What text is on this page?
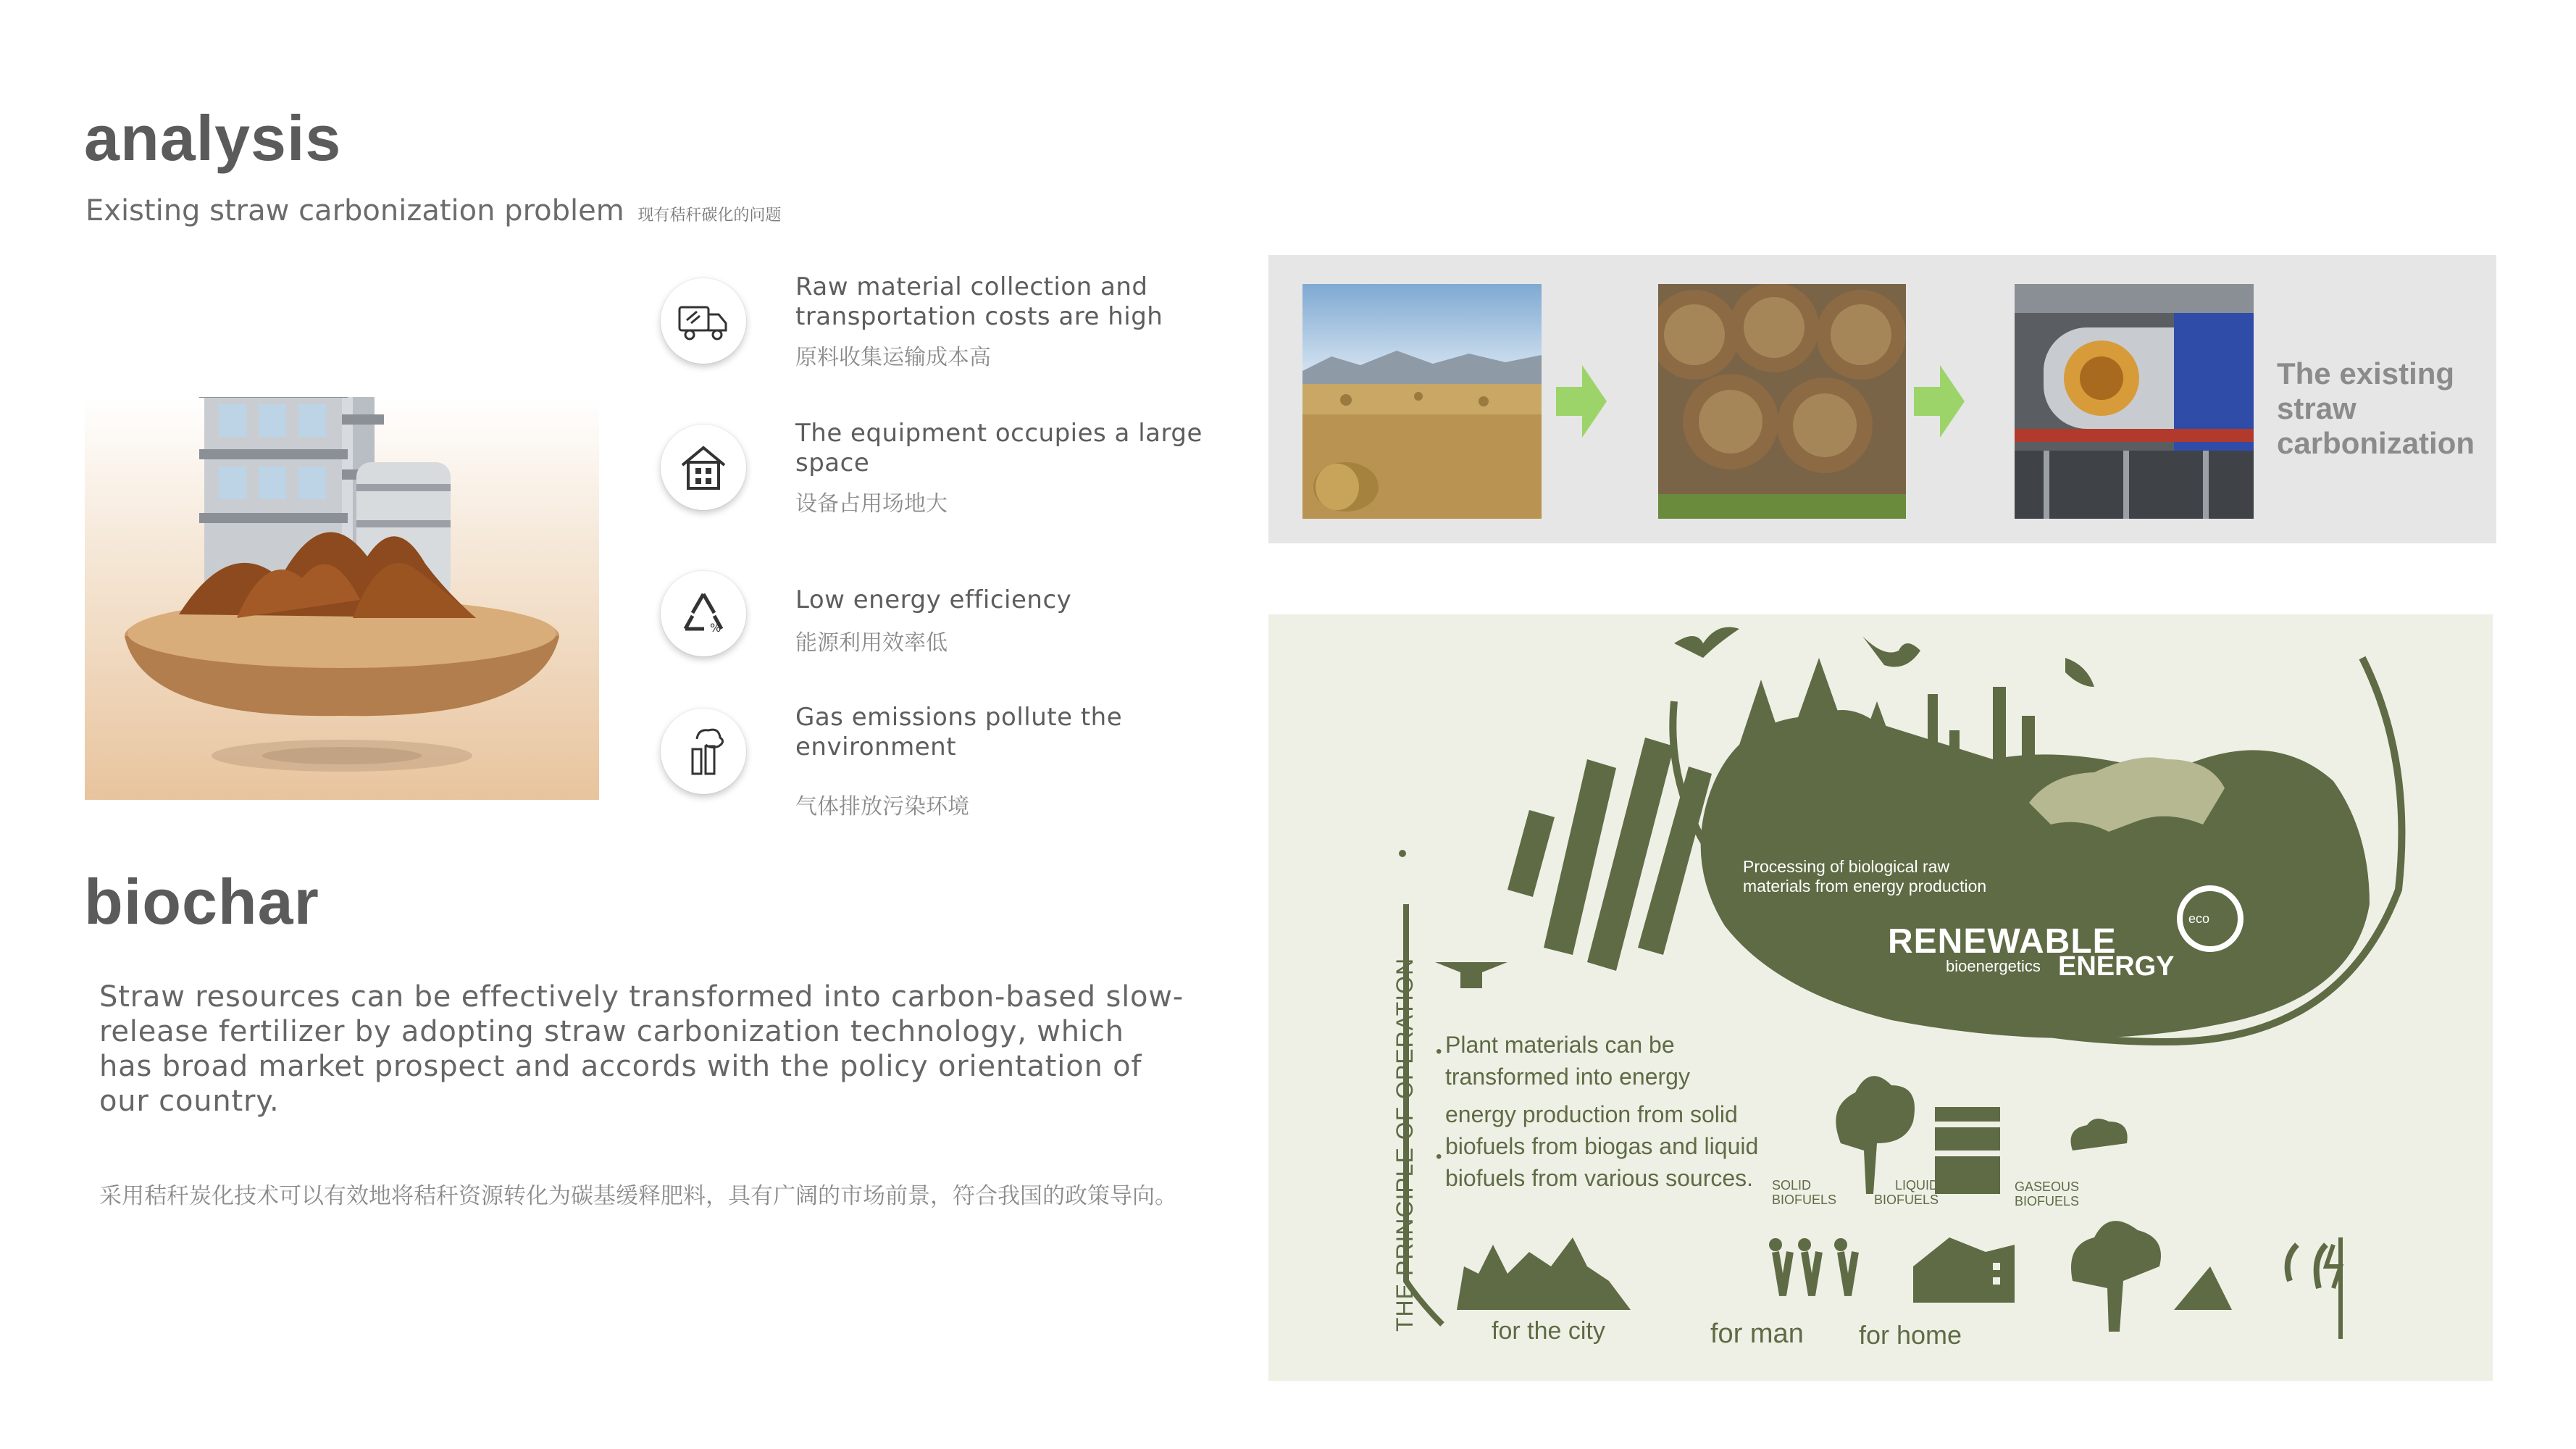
analysis
Existing straw carbonization problem 现有秸秆碳化的问题
Raw material collection and transportation costs are high
原料收集运输成本高
The equipment occupies a large space
设备占用场地大
%
Low energy efficiency
能源利用效率低
Gas emissions pollute the environment
气体排放污染环境
biochar
Straw resources can be effectively transformed into carbon-based slow-release fertilizer by adopting straw carbonization technology, which has broad market prospect and accords with the policy orientation of our country.
采用秸秆炭化技术可以有效地将秸秆资源转化为碳基缓释肥料，具有广阔的市场前景，符合我国的政策导向。
The existing straw carbonization
THE PRINCIPLE OF OPERATION
Processing of biological raw materials from energy production
RENEWABLE
bioenergetics ENERGY
eco
Plant materials can be transformed into energy
energy production from solid biofuels from biogas and liquid biofuels from various sources.
•
•
SOLID BIOFUELS
LIQUID BIOFUELS
GASEOUS BIOFUELS
for the city	for man for home
